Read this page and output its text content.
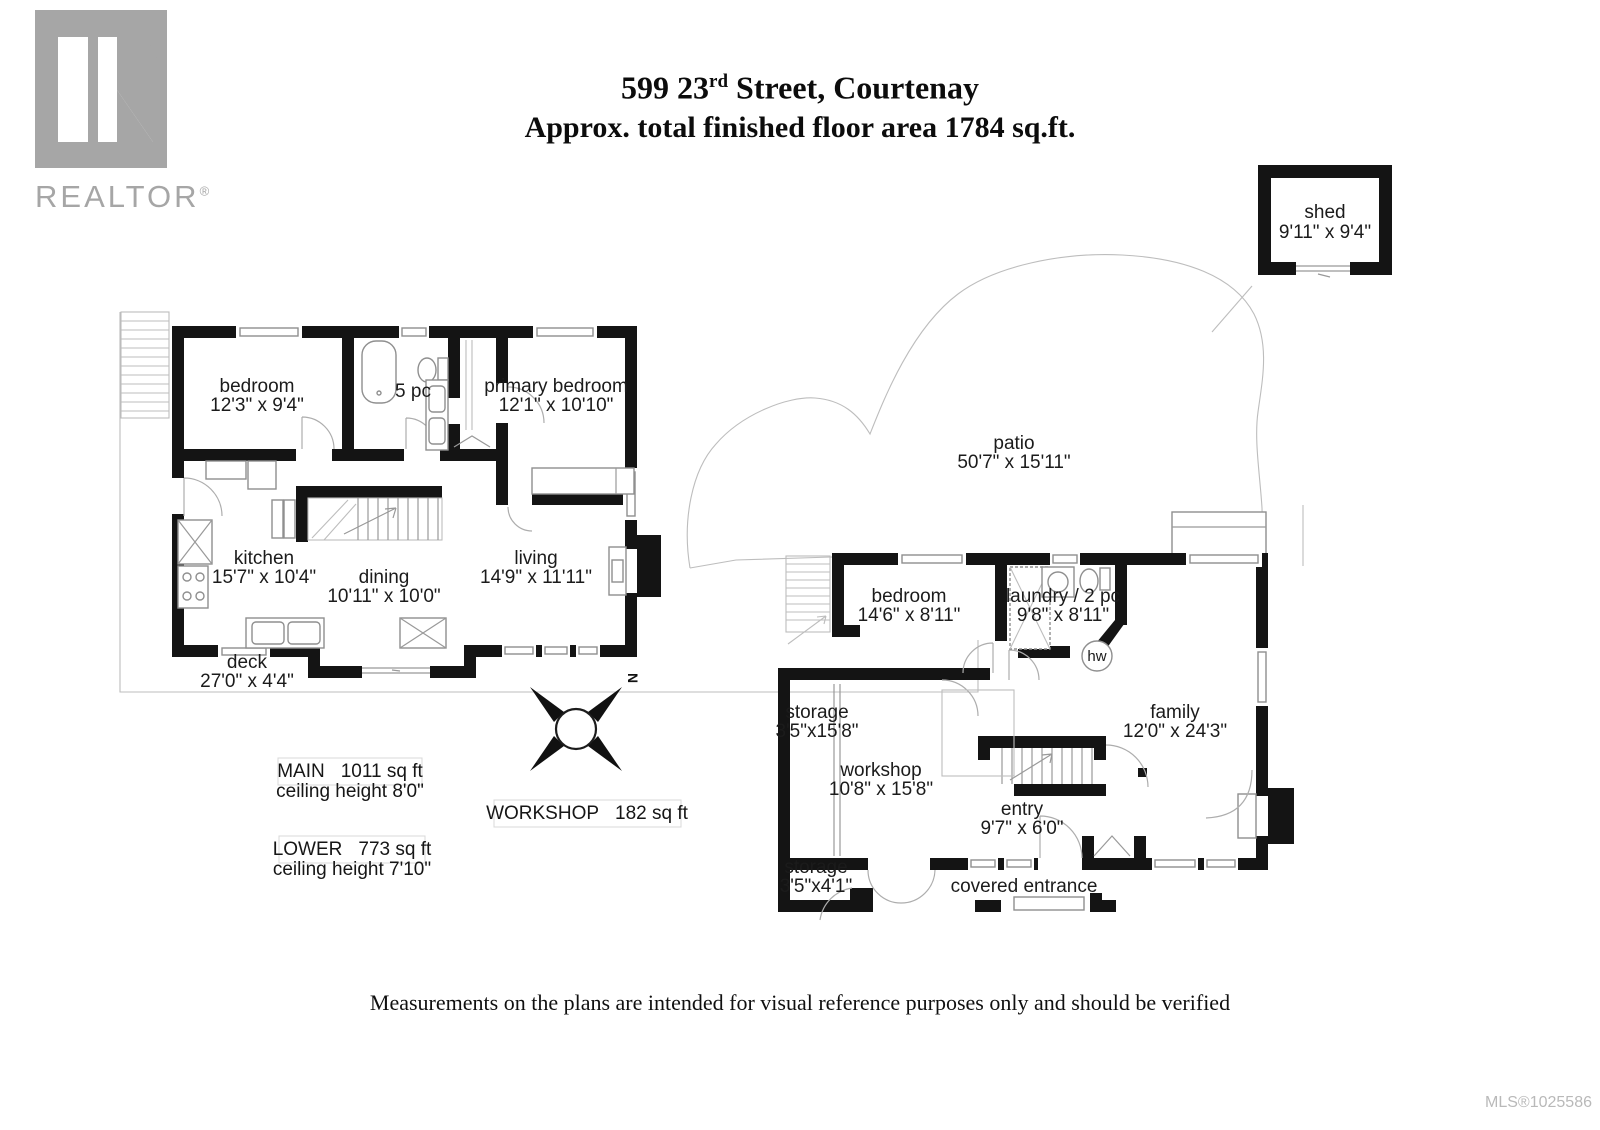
REALTOR®
599 23rd Street, Courtenay
Approx. total finished floor area 1784 sq.ft.
shed
9'11" x 9'4"
bedroom
12'3" x 9'4"
5 pc	primary bedroom
12'1" x 10'10"
kitchen
15'7" x 10'4" dining
10'11" x 10'0"
living
14'9" x 11'11"
deck
27'0" x 4'4"
patio
50'7" x 15'11"
hw
bedroom
14'6" x 8'11"
laundry / 2 pc
9'8" x 8'11"
storage
3'5"x15'8"
workshop
10'8" x 15'8"
family
12'0" x 24'3"
entry
9'7" x 6'0"
storage
3'5"x4'1"	covered entrance
MAIN 1011 sq ft
ceiling height 8'0"
WORKSHOP 182 sq ft
LOWER 773 sq ft
ceiling height 7'10"
N
Measurements on the plans are intended for visual reference purposes only and should be verified
MLS®1025586
